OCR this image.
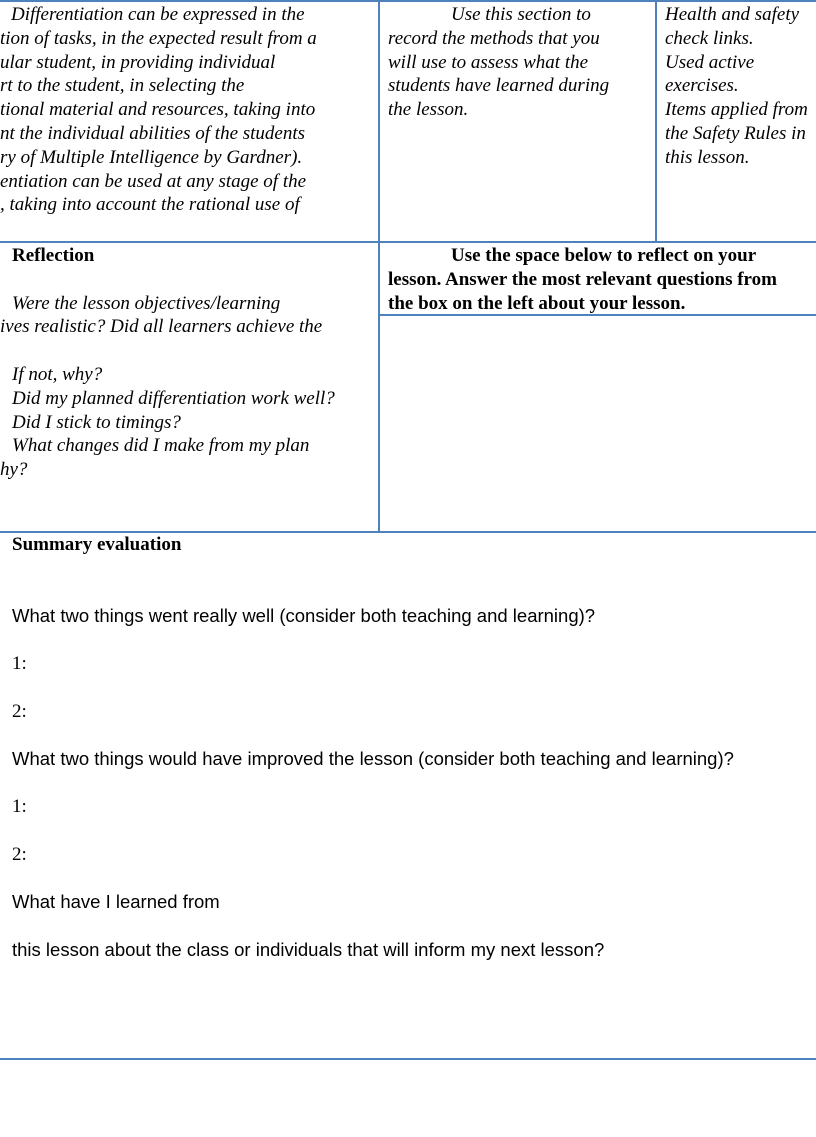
Differentiation can be expressed in the
tion of tasks, in the expected result from a
ular student, in providing individual
rt to the student, in selecting the
tional material and resources, taking into
nt the individual abilities of the students
ry of Multiple Intelligence by Gardner).
entiation can be used at any stage of the
, taking into account the rational use of
Use this section to
record the methods that you
will use to assess what the
students have learned during
the lesson.
Health and safety
check links.
Used active
exercises.
Items applied from
the Safety Rules in
this lesson.
Reflection
Were the lesson objectives/learning
ives realistic? Did all learners achieve the
If not, why?
Did my planned differentiation work well?
Did I stick to timings?
What changes did I make from my plan
hy?
Use the space below to reflect on your
lesson. Answer the most relevant questions from
the box on the left about your lesson.
Summary evaluation
What two things went really well (consider both teaching and learning)?
1:
2:
What two things would have improved the lesson (consider both teaching and learning)?
1:
2:
What have I learned from
this lesson about the class or individuals that will inform my next lesson?
